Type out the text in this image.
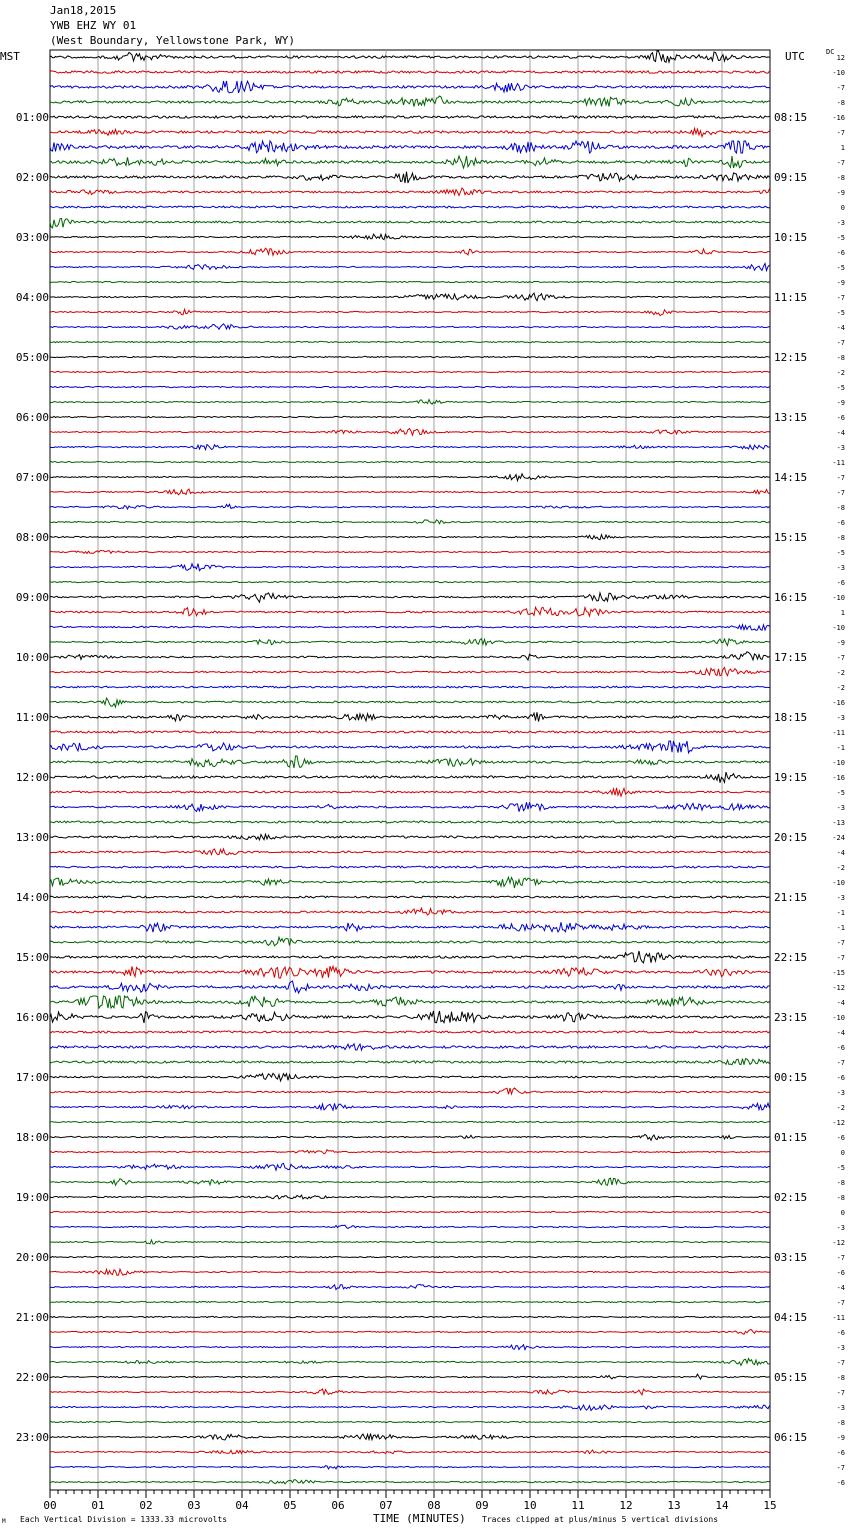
Jan18,2015
YWB EHZ WY 01
(West Boundary, Yellowstone Park, WY)
MST	UTC	DC
12
-10
-7
-8
-16
-7
1
-7
-8
-9
0
-3
-5
-6
-5
-9
-7
-5
-4
-7
-8
-2
-5
-9
-6
-4
-3
-11
-7
-7
-8
-6
-8
-5
-3
-6
-10
1
-10
-9
-7
-2
-2
-16
-3
-11
-1
-10
-16
-5
-3
-13
-24
-4
-2
-10
-3
-1
-1
-7
-7
-15
-12
-4
-10
-4
-6
-7
-6
-3
-2
-12
-6
0
-5
-8
-8
0
-3
-12
-7
-6
-4
-7
-11
-6
-3
-7
-8
-7
-3
-8
-9
-6
-7
-6
01:00
02:00
03:00
04:00
05:00
06:00
07:00
08:00
09:00
10:00
11:00
12:00
13:00
14:00
15:00
16:00
17:00
18:00
19:00
20:00
21:00
22:00
23:00
08:15
09:15
10:15
11:15
12:15
13:15
14:15
15:15
16:15
17:15
18:15
19:15
20:15
21:15
22:15
23:15
00:15
01:15
02:15
03:15
04:15
05:15
06:15
00	01	02	03	04	05	06	07	08	09	10	11	12	13	14	15
TIME (MINUTES)
Each Vertical Division = 1333.33 microvolts	Traces clipped at plus/minus 5 vertical divisions
M
